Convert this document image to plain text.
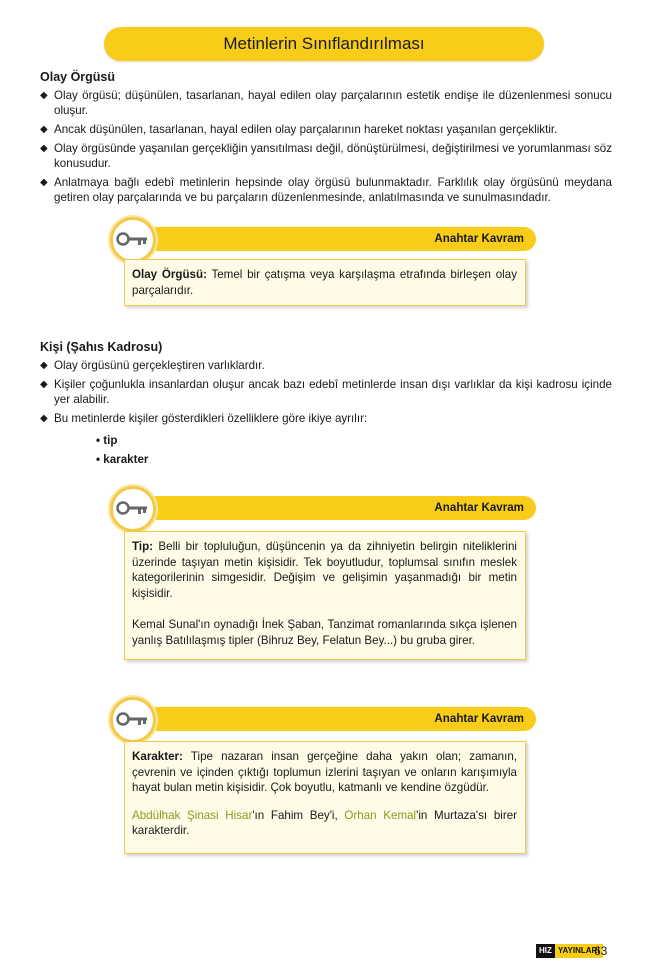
Metinlerin Sınıflandırılması
Olay Örgüsü
◆ Olay örgüsü; düşünülen, tasarlanan, hayal edilen olay parçalarının estetik endişe ile düzenlenmesi sonucu oluşur.
◆ Ancak düşünülen, tasarlanan, hayal edilen olay parçalarının hareket noktası yaşanılan gerçekliktir.
◆ Olay örgüsünde yaşanılan gerçekliğin yansıtılması değil, dönüştürülmesi, değiştirilmesi ve yorumlanması söz konusudur.
◆ Anlatmaya bağlı edebî metinlerin hepsinde olay örgüsü bulunmaktadır. Farklılık olay örgüsünü meydana getiren olay parçalarında ve bu parçaların düzenlenmesinde, anlatılmasında ve sunulmasındadır.
Anahtar Kavram

Olay Örgüsü: Temel bir çatışma veya karşılaşma etrafında birleşen olay parçalarıdır.

Kişi (Şahıs Kadrosu)
◆ Olay örgüsünü gerçekleştiren varlıklardır.
◆ Kişiler çoğunlukla insanlardan oluşur ancak bazı edebî metinlerde insan dışı varlıklar da kişi kadrosu içinde yer alabilir.
◆ Bu metinlerde kişiler gösterdikleri özelliklere göre ikiye ayrılır:
• tip
• karakter
Anahtar Kavram

Tip: Belli bir topluluğun, düşüncenin ya da zihniyetin belirgin niteliklerini üzerinde taşıyan metin kişisidir. Tek boyutludur, toplumsal sınıfın meslek kategorilerinin simgesidir. Değişim ve gelişimin yaşanmadığı bir metin kişisidir.

Kemal Sunal'ın oynadığı İnek Şaban, Tanzimat romanlarında sıkça işlenen yanlış Batılılaşmış tipler (Bihruz Bey, Felatun Bey...) bu gruba girer.

Anahtar Kavram

Karakter: Tipe nazaran insan gerçeğine daha yakın olan; zamanın, çevrenin ve içinden çıktığı toplumun izlerini taşıyan ve onların karışımıyla hayat bulan metin kişisidir. Çok boyutlu, katmanlı ve kendine özgüdür.

Abdülhak Şinasi Hisar'ın Fahim Bey'i, Orhan Kemal'in Murtaza'sı birer karakterdir.

HIZ YAYINLARI
63
